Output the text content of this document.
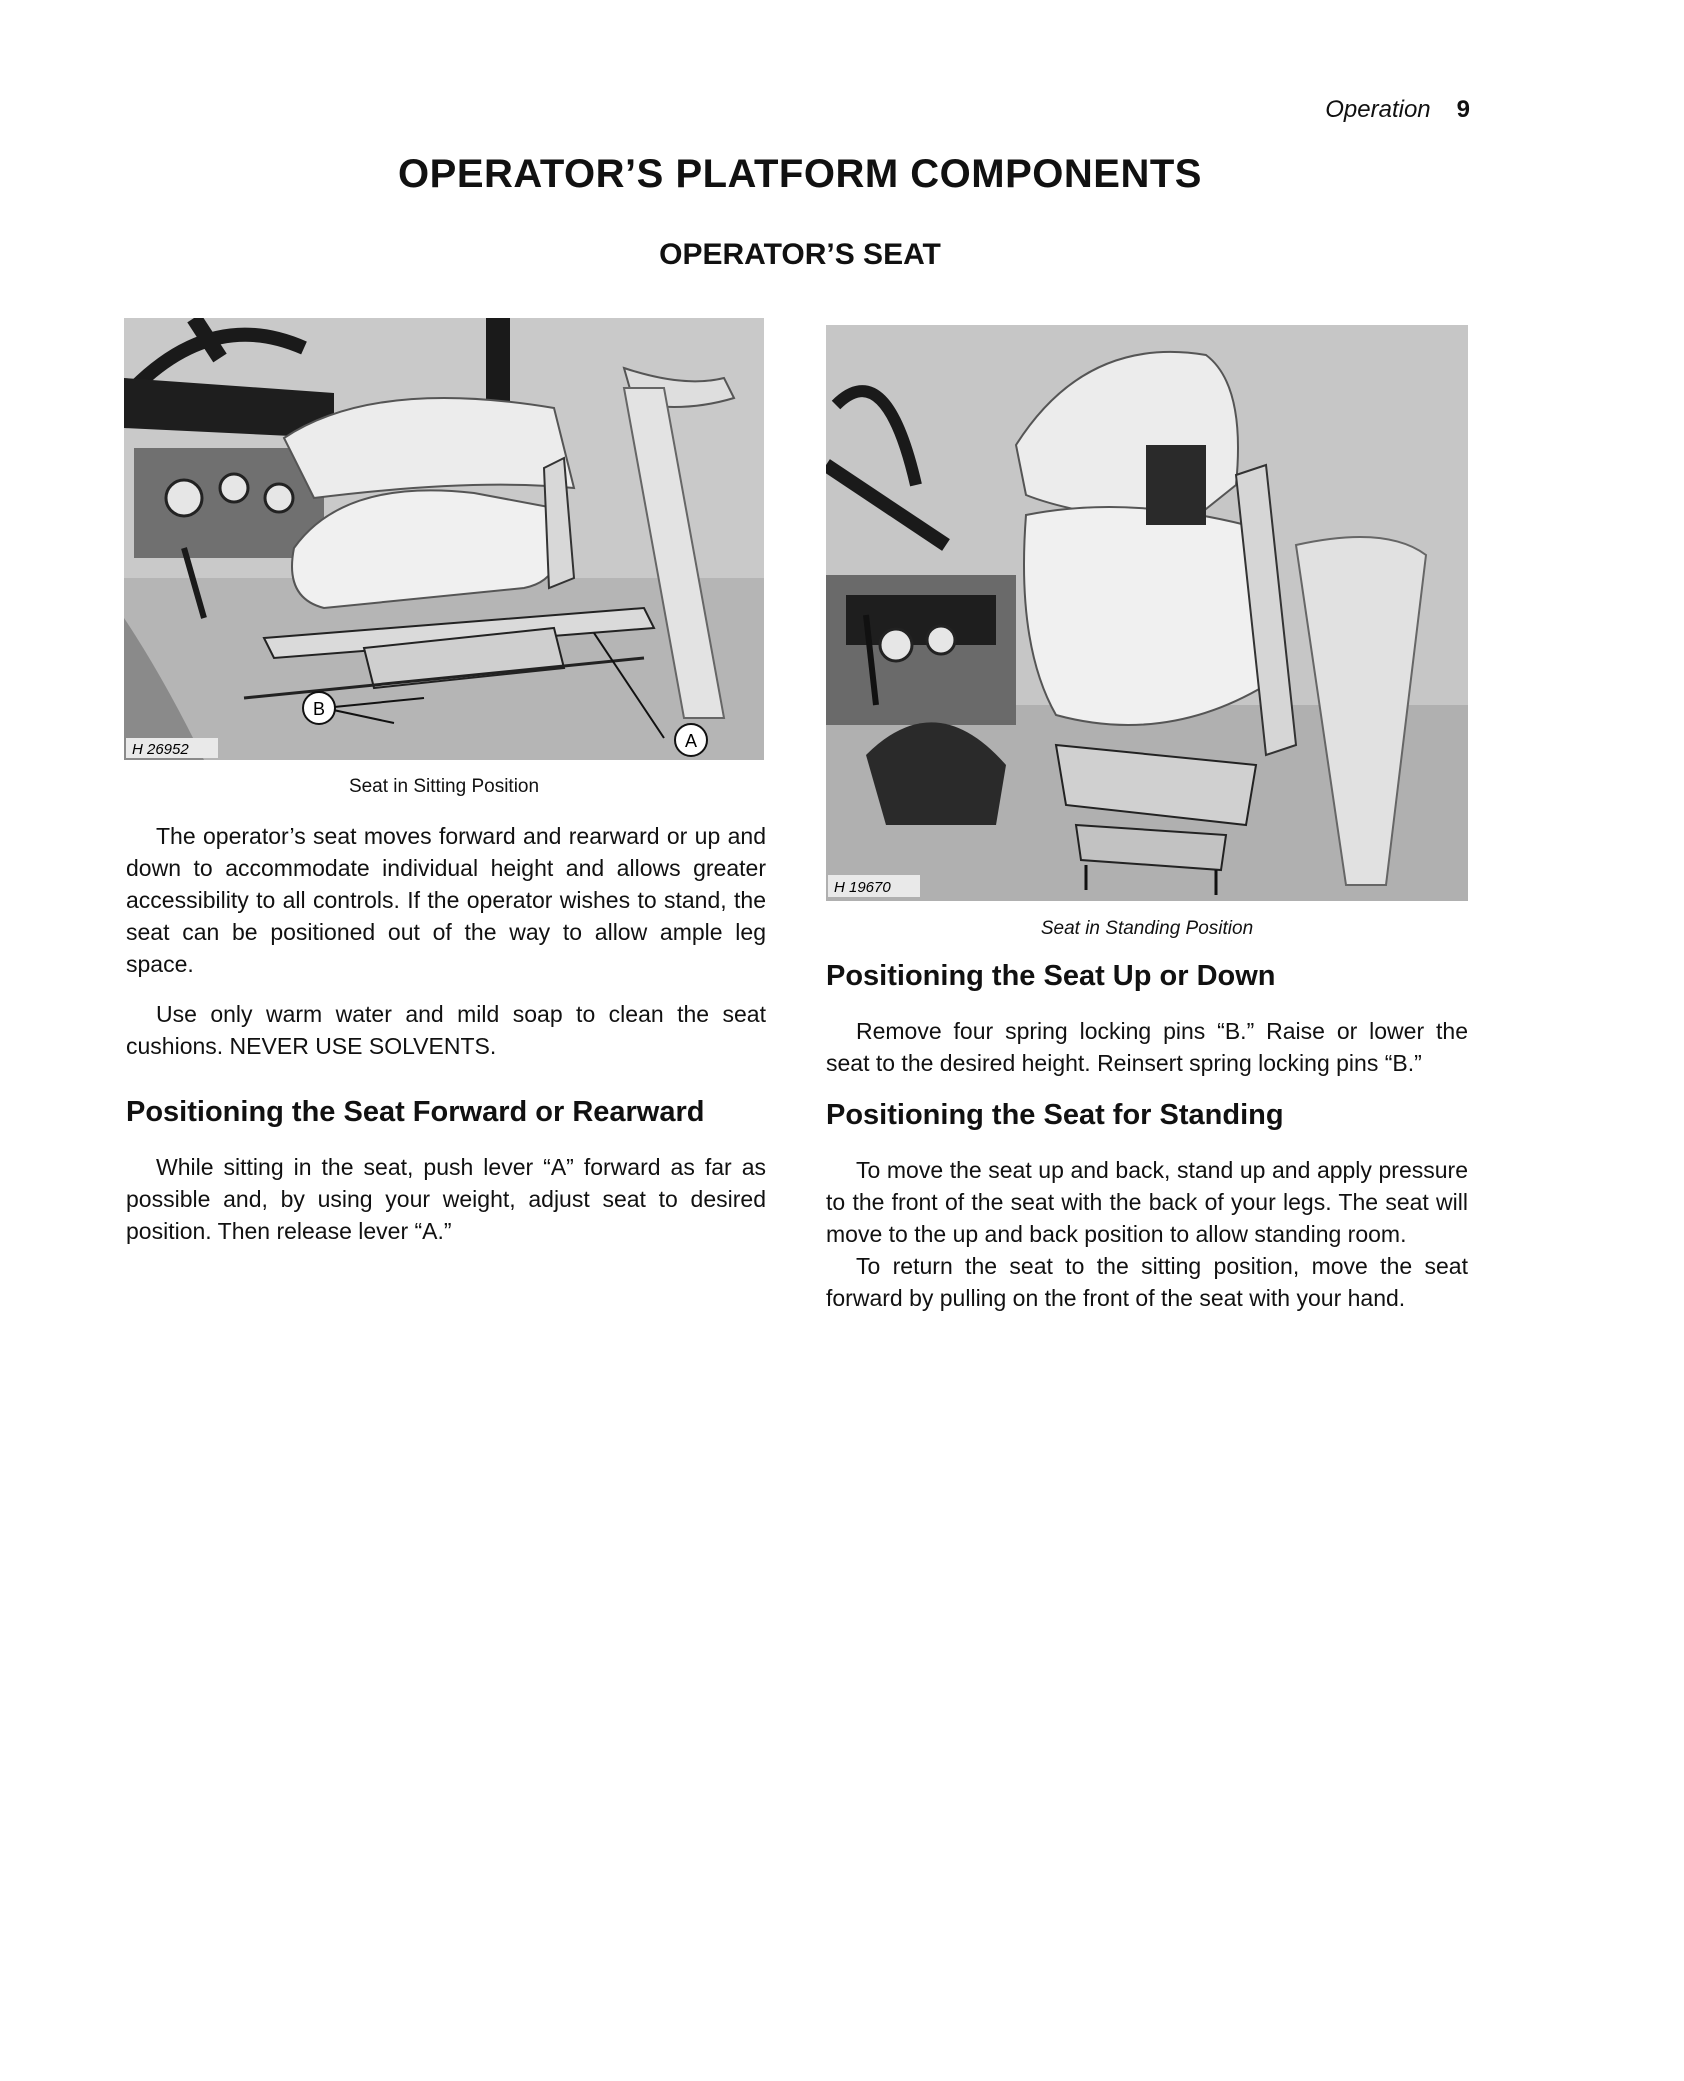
Operation 9
OPERATOR’S PLATFORM COMPONENTS
OPERATOR’S SEAT
B
A
H 26952
Seat in Sitting Position
H 19670
Seat in Standing Position

The operator’s seat moves forward and rearward or up and down to accommodate individual height and allows greater accessibility to all controls. If the operator wishes to stand, the seat can be positioned out of the way to allow ample leg space.

Use only warm water and mild soap to clean the seat cushions. NEVER USE SOLVENTS.

Positioning the Seat Forward or Rearward

While sitting in the seat, push lever “A” forward as far as possible and, by using your weight, adjust seat to desired position. Then release lever “A.”

Positioning the Seat Up or Down

Remove four spring locking pins “B.” Raise or lower the seat to the desired height. Reinsert spring locking pins “B.”

Positioning the Seat for Standing

To move the seat up and back, stand up and apply pressure to the front of the seat with the back of your legs. The seat will move to the up and back position to allow standing room.

To return the seat to the sitting position, move the seat forward by pulling on the front of the seat with your hand.
